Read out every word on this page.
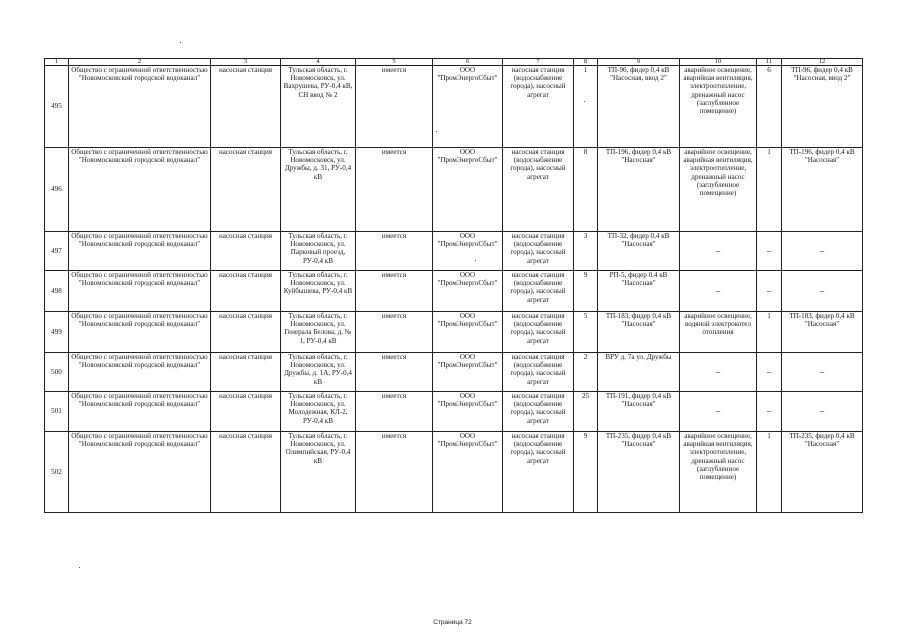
1	2	3	4	5	6	7	8	9	10	11	12
495	Общество с ограниченной ответственностью "Новомосковский городской водоканал"	насосная станция	Тульская область, г. Новомосковск, ул. Вахрушева, РУ-0,4 кВ, СН ввод № 2	имеется	ООО "ПромЭнергоСбыт"	насосная станция (водоснабжение города), насосный агрегат	1	ТП-96, фидер 0,4 кВ "Насосная, ввод 2"	аварийное освещение, аварийная вентиляция, электроотопление, дренажный насос (заглубленное помещение)	6	ТП-96, фидер 0,4 кВ "Насосная, ввод 2"
496	Общество с ограниченной ответственностью "Новомосковский городской водоканал"	насосная станция	Тульская область, г. Новомосковск, ул. Дружбы, д. 31, РУ-0,4 кВ	имеется	ООО "ПромЭнергоСбыт"	насосная станция (водоснабжение города), насосный агрегат	8	ТП-196, фидер 0,4 кВ "Насосная"	аварийное освещение, аварийная вентиляция, электроотопление, дренажный насос (заглубленное помещение)	1	ТП-196, фидер 0,4 кВ "Насосная"
497	Общество с ограниченной ответственностью "Новомосковский городской водоканал"	насосная станция	Тульская область, г. Новомосковск, ул. Парковый проезд, РУ-0,4 кВ	имеется	ООО "ПромЭнергоСбыт"	насосная станция (водоснабжение города), насосный агрегат	3	ТП-32, фидер 0,4 кВ "Насосная"	–	–	–
498	Общество с ограниченной ответственностью "Новомосковский городской водоканал"	насосная станция	Тульская область, г. Новомосковск, ул. Куйбышева, РУ-0,4 кВ	имеется	ООО "ПромЭнергоСбыт"	насосная станция (водоснабжение города), насосный агрегат	9	РП-5, фидер 0,4 кВ "Насосная"	–	–	–
499	Общество с ограниченной ответственностью "Новомосковский городской водоканал"	насосная станция	Тульская область, г. Новомосковск, ул. Генерала Белова, д. № 1, РУ-0,4 кВ	имеется	ООО "ПромЭнергоСбыт"	насосная станция (водоснабжение города), насосный агрегат	5	ТП-183, фидер 0,4 кВ "Насосная"	аварийное освещение, водяной электрокотел отопления	1	ТП-183, фидер 0,4 кВ "Насосная"
500	Общество с ограниченной ответственностью "Новомосковский городской водоканал"	насосная станция	Тульская область, г. Новомосковск, ул. Дружбы, д. 1А, РУ-0,4 кВ	имеется	ООО "ПромЭнергоСбыт"	насосная станция (водоснабжение города), насосный агрегат	2	ВРУ д. 7а ул. Дружбы	–	–	–
501	Общество с ограниченной ответственностью "Новомосковский городской водоканал"	насосная станция	Тульская область, г. Новомосковск, ул. Молодежная, КЛ-2, РУ-0,4 кВ	имеется	ООО "ПромЭнергоСбыт"	насосная станция (водоснабжение города), насосный агрегат	25	ТП-191, фидер 0,4 кВ "Насосная"	–	–	–
502	Общество с ограниченной ответственностью "Новомосковский городской водоканал"	насосная станция	Тульская область, г. Новомосковск, ул. Олимпийская, РУ-0,4 кВ	имеется	ООО "ПромЭнергоСбыт"	насосная станция (водоснабжение города), насосный агрегат	9	ТП-235, фидер 0,4 кВ "Насосная"	аварийное освещение, аварийная вентиляция, электроотопление, дренажный насос (заглубленное помещение)	1	ТП-235, фидер 0,4 кВ "Насосная"
Страница 72
